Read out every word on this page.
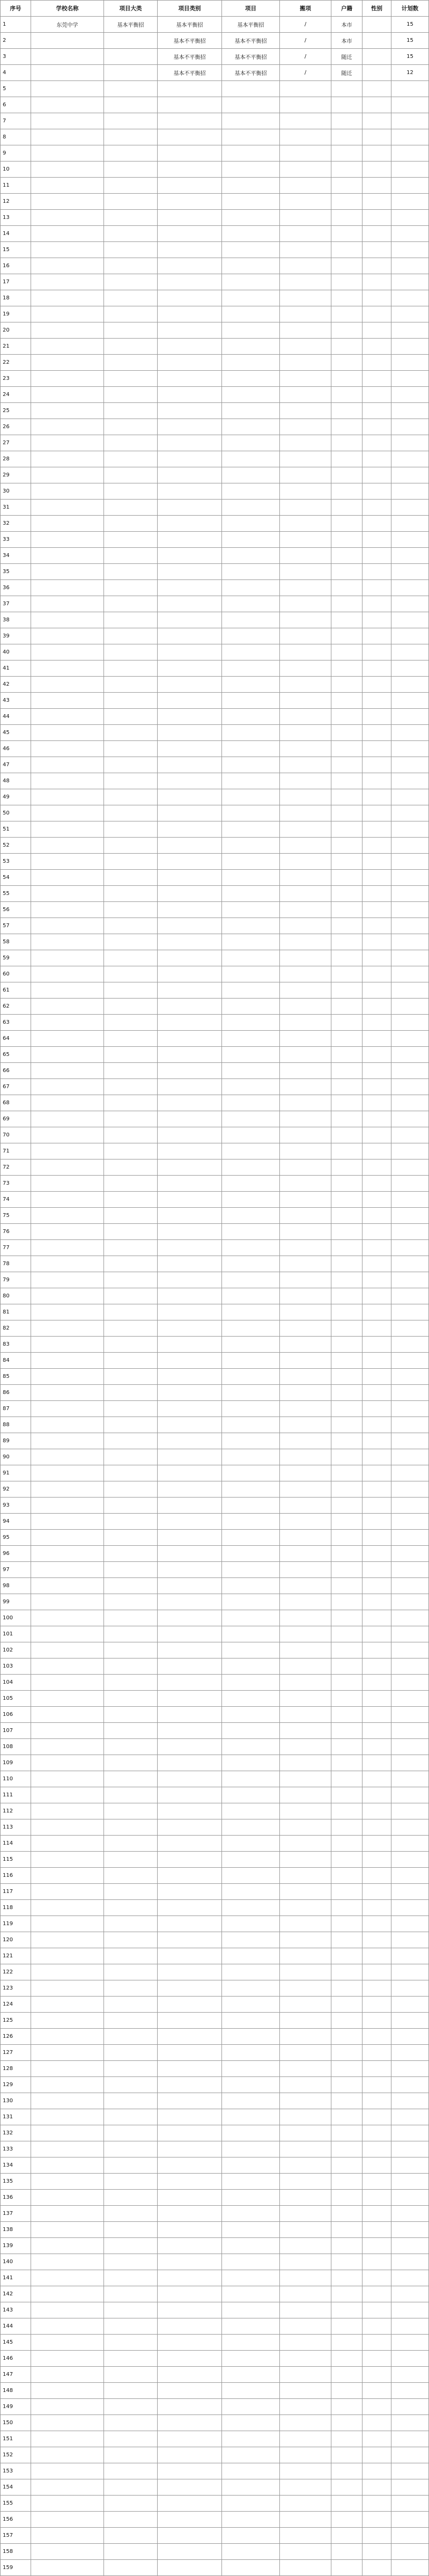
序号	学校名称	项目大类	项目类别	项目	搬项	户籍	性别	计划数
1	东莞中学	基本平衡招	基本平衡招	基本平衡招	/	本市		15
2			基本不平衡招	基本不平衡招	/	本市		15
3			基本不平衡招	基本不平衡招	/	随迁		15
4			基本不平衡招	基本不平衡招	/	随迁		12
5								
6								
7								
8								
9								
10								
11								
12								
13								
14								
15								
16								
17								
18								
19								
20								
21								
22								
23								
24								
25								
26								
27								
28								
29								
30								
31								
32								
33								
34								
35								
36								
37								
38								
39								
40								
41								
42								
43								
44								
45								
46								
47								
48								
49								
50								
51								
52								
53								
54								
55								
56								
57								
58								
59								
60								
61								
62								
63								
64								
65								
66								
67								
68								
69								
70								
71								
72								
73								
74								
75								
76								
77								
78								
79								
80								
81								
82								
83								
84								
85								
86								
87								
88								
89								
90								
91								
92								
93								
94								
95								
96								
97								
98								
99								
100								
101								
102								
103								
104								
105								
106								
107								
108								
109								
110								
111								
112								
113								
114								
115								
116								
117								
118								
119								
120								
121								
122								
123								
124								
125								
126								
127								
128								
129								
130								
131								
132								
133								
134								
135								
136								
137								
138								
139								
140								
141								
142								
143								
144								
145								
146								
147								
148								
149								
150								
151								
152								
153								
154								
155								
156								
157								
158								
159								
